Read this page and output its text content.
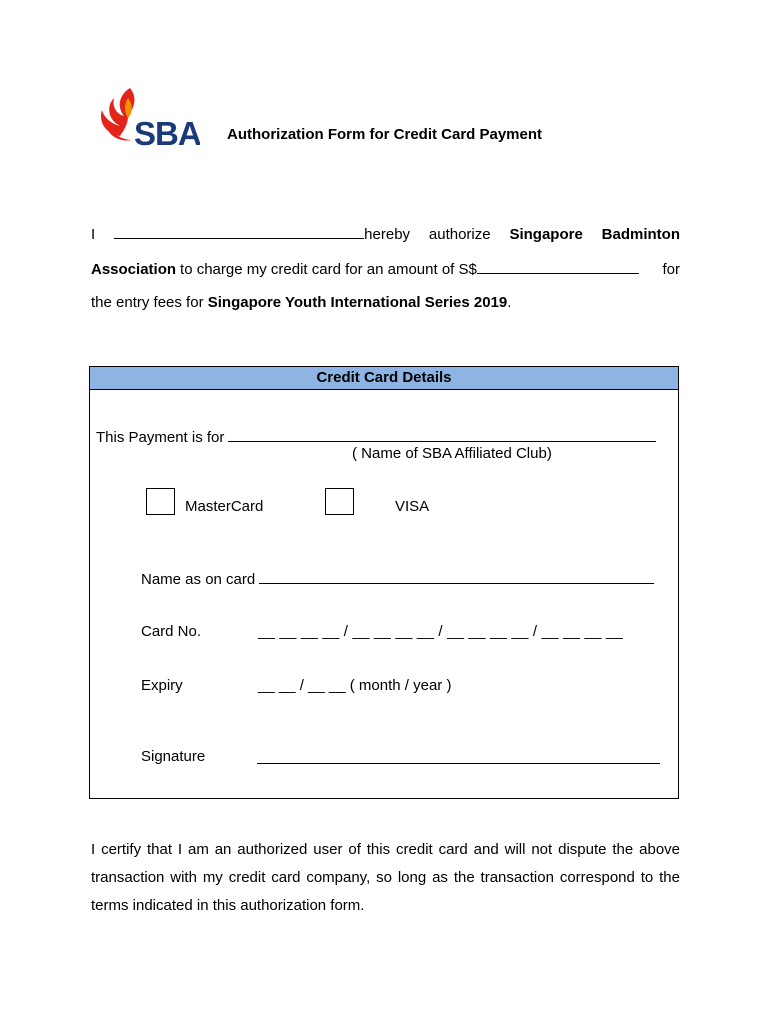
SBA Authorization Form for Credit Card Payment
I	hereby authorize Singapore Badminton
Association to charge my credit card for an amount of S$	for
the entry fees for Singapore Youth International Series 2019.
Credit Card Details
This Payment is for
( Name of SBA Affiliated Club)
MasterCard	VISA
Name as on card
Card No.	__ __ __ __ / __ __ __ __ / __ __ __ __ / __ __ __ __
Expiry	__ __ / __ __ ( month / year )
Signature
I certify that I am an authorized user of this credit card and will not dispute the above transaction with my credit card company, so long as the transaction correspond to the terms indicated in this authorization form.
